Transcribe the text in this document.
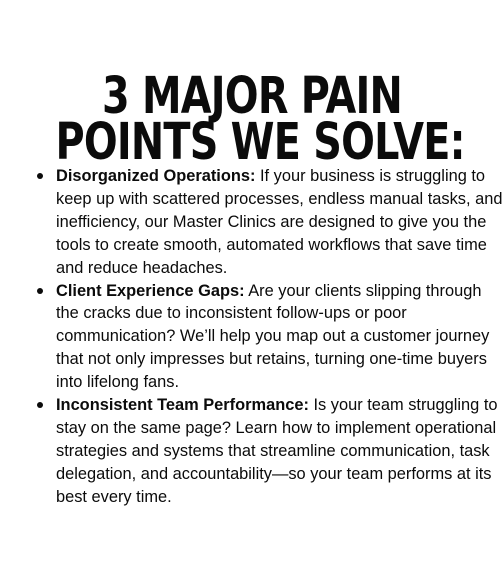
3 MAJOR PAIN
POINTS WE SOLVE:
Disorganized Operations: If your business is struggling to keep up with scattered processes, endless manual tasks, and inefficiency, our Master Clinics are designed to give you the tools to create smooth, automated workflows that save time and reduce headaches.
Client Experience Gaps: Are your clients slipping through the cracks due to inconsistent follow-ups or poor communication? We’ll help you map out a customer journey that not only impresses but retains, turning one-time buyers into lifelong fans.
Inconsistent Team Performance: Is your team struggling to stay on the same page? Learn how to implement operational strategies and systems that streamline communication, task delegation, and accountability—so your team performs at its best every time.
